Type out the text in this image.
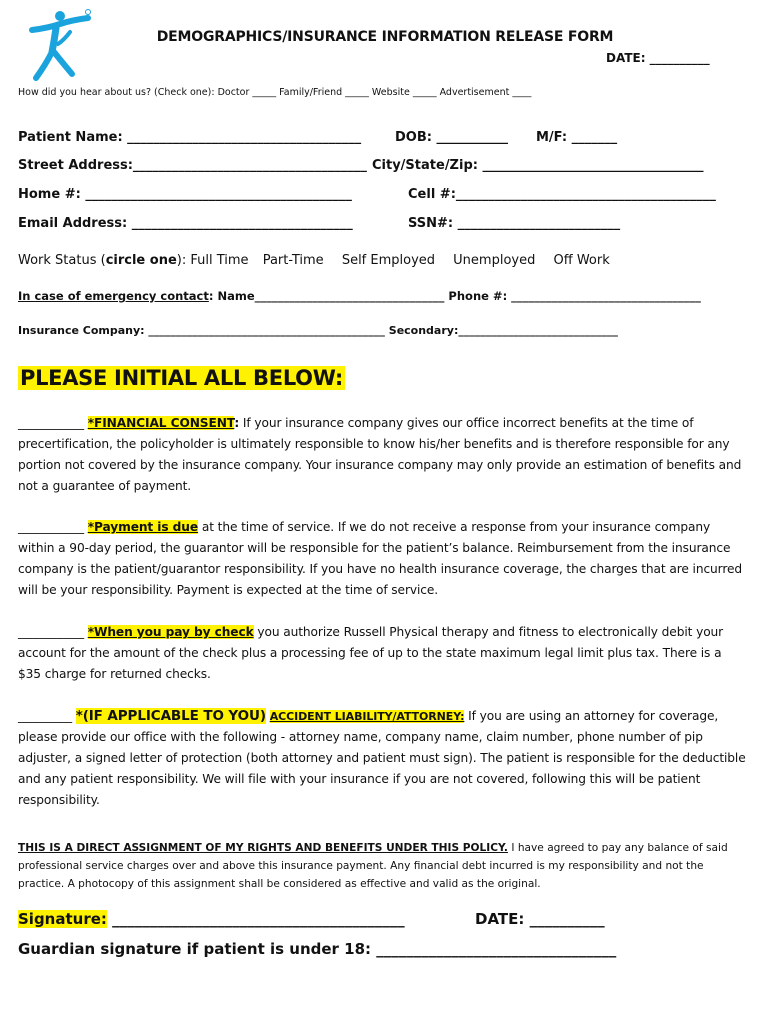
DEMOGRAPHICS/INSURANCE INFORMATION RELEASE FORM
DATE: __________
How did you hear about us? (Check one): Doctor _____ Family/Friend _____ Website _____ Advertisement ____
Patient Name: ____________________________________	DOB: ___________ M/F: _______
Street Address:____________________________________ City/State/Zip: __________________________________
Home #: _________________________________________	Cell #:________________________________________
Email Address: __________________________________	SSN#: _________________________
Work Status (circle one): Full Time Part-Time Self Employed Unemployed Off Work
In case of emergency contact: Name_________________________________ Phone #: _________________________________
Insurance Company: ___________________________________________ Secondary:_____________________________
PLEASE INITIAL ALL BELOW:
___________ *FINANCIAL CONSENT: If your insurance company gives our office incorrect benefits at the time of precertification, the policyholder is ultimately responsible to know his/her benefits and is therefore responsible for any portion not covered by the insurance company. Your insurance company may only provide an estimation of benefits and not a guarantee of payment.
___________ *Payment is due at the time of service. If we do not receive a response from your insurance company within a 90-day period, the guarantor will be responsible for the patient’s balance. Reimbursement from the insurance company is the patient/guarantor responsibility. If you have no health insurance coverage, the charges that are incurred will be your responsibility. Payment is expected at the time of service.
___________ *When you pay by check you authorize Russell Physical therapy and fitness to electronically debit your account for the amount of the check plus a processing fee of up to the state maximum legal limit plus tax. There is a $35 charge for returned checks.
_________ *(IF APPLICABLE TO YOU) ACCIDENT LIABILITY/ATTORNEY: If you are using an attorney for coverage, please provide our office with the following - attorney name, company name, claim number, phone number of pip adjuster, a signed letter of protection (both attorney and patient must sign). The patient is responsible for the deductible and any patient responsibility. We will file with your insurance if you are not covered, following this will be patient responsibility.
THIS IS A DIRECT ASSIGNMENT OF MY RIGHTS AND BENEFITS UNDER THIS POLICY. I have agreed to pay any balance of said professional service charges over and above this insurance payment. Any financial debt incurred is my responsibility and not the practice. A photocopy of this assignment shall be considered as effective and valid as the original.
Signature: _______________________________________	DATE: __________
Guardian signature if patient is under 18: ________________________________
